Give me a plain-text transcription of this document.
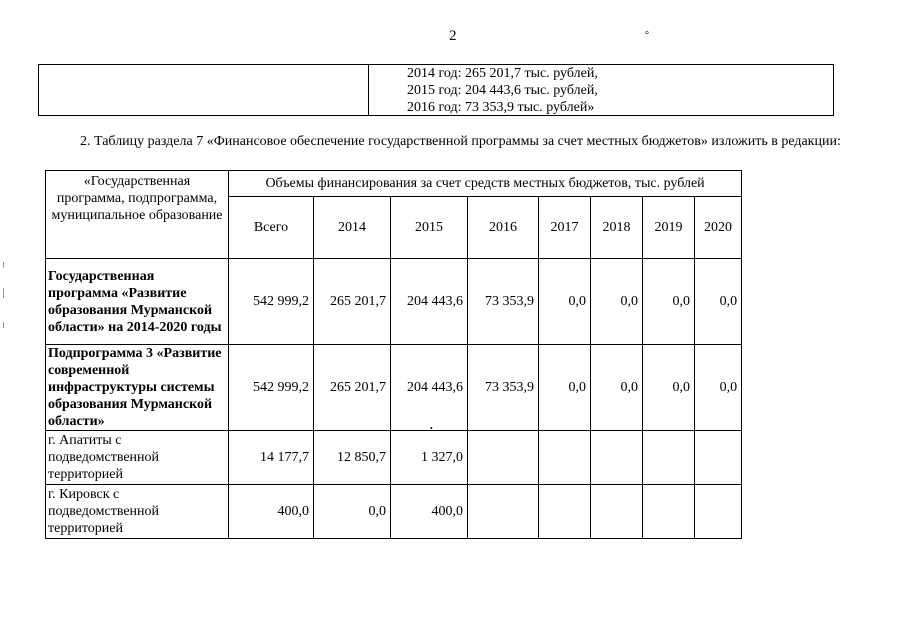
2	°
2014 год: 265 201,7 тыс. рублей,
2015 год: 204 443,6 тыс. рублей,
2016 год: 73 353,9 тыс. рублей»
2. Таблицу раздела 7 «Финансовое обеспечение государственной программы за счет местных бюджетов» изложить в редакции:
«Государственная программа, подпрограмма, муниципальное образование	Объемы финансирования за счет средств местных бюджетов, тыс. рублей							
	Всего	2014	2015	2016	2017	2018	2019	2020
Государственная программа «Развитие образования Мурманской области» на 2014-2020 годы	542 999,2	265 201,7	204 443,6	73 353,9	0,0	0,0	0,0	0,0
Подпрограмма 3 «Развитие современной инфраструктуры системы образования Мурманской области»	542 999,2	265 201,7	204 443,6	73 353,9	0,0	0,0	0,0	0,0
г. Апатиты с подведомственной территорией	14 177,7	12 850,7	1 327,0					
г. Кировск с подведомственной территорией	400,0	0,0	400,0					
•
